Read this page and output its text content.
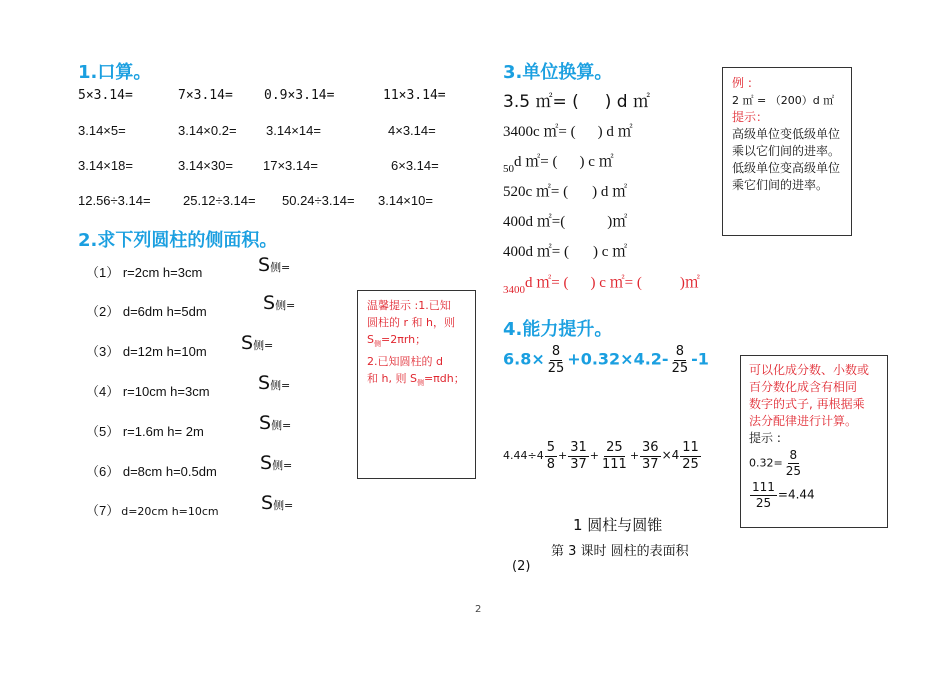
1.口算。
5×3.14=	7×3.14= 0.9×3.14=	11×3.14=
3.14×5=	3.14×0.2= 3.14×14=	4×3.14=
3.14×18=	3.14×30= 17×3.14=	6×3.14=
12.56÷3.14= 25.12÷3.14= 50.24÷3.14= 3.14×10=
2.求下列圆柱的侧面积。
（1） r=2cm h=3cm	S侧=
（2） d=6dm h=5dm	S侧=
（3） d=12m h=10m S侧=
（4） r=10cm h=3cm	S侧=
（5） r=1.6m h= 2m	S侧=
（6） d=8cm h=0.5dm S侧=
（7） d=20cm h=10cm S侧=
温馨提示 :1.已知
圆柱的 r 和 h，则
$S_侧=2\pi rh$；
2.已知圆柱的 d
和 h, 则 $S_侧=\pi dh$；
3.单位换算。
3.5 ㎡= ( ) d ㎡
3400c ㎡= ( ) d ㎡
$_{50}$d ㎡= ( ) c ㎡
520c ㎡= ( ) d ㎡
400d ㎡=(	)㎡
400d ㎡= ( ) c ㎡
$_{3400}$d ㎡= ( ) c ㎡= (	)㎡
例 :
2 ㎡ = （200）d ㎡
提示：
高级单位变低级单位
乘以它们间的进率。
低级单位变高级单位
乘它们间的进率。
4.能力提升。
$6.8\times \frac{8}{25} +0.32\times 4.2- \frac{8}{25} -1$
$4.44\div 4 \frac{5}{8} + \frac{31}{37} + \frac{25}{111} + \frac{36}{37} \times 4 \frac{11}{25}$
可以化成分数、小数或
百分数化成含有相同
数字的式子, 再根据乘
法分配律进行计算。
提示 :
$0.32= \frac{8}{25}$
$\frac{111}{25} =4.44$
1 圆柱与圆锥
第 3 课时 圆柱的表面积
(2)
2
